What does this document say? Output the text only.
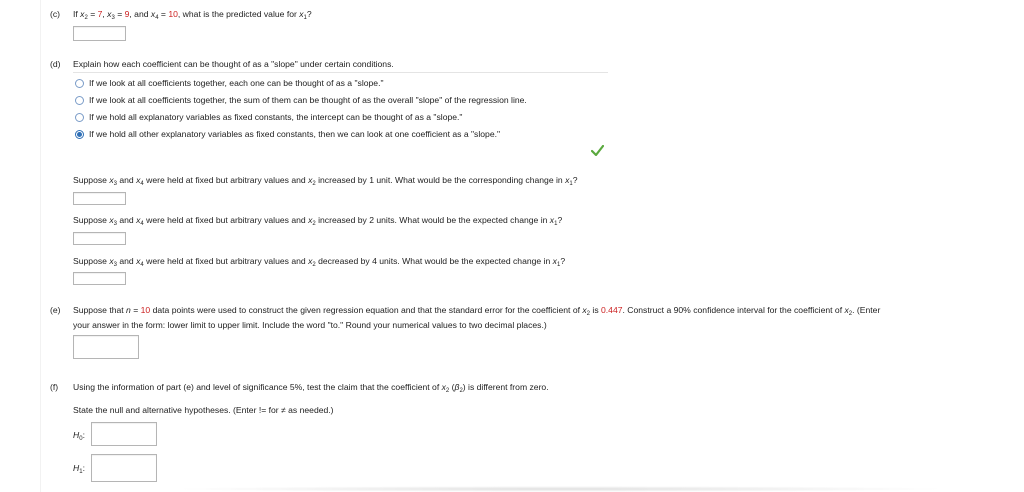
(c) If $x_2 = 7$, $x_3 = 9$, and $x_4 = 10$, what is the predicted value for $x_1$?
(d) Explain how each coefficient can be thought of as a "slope" under certain conditions.
If we look at all coefficients together, each one can be thought of as a "slope."
If we look at all coefficients together, the sum of them can be thought of as the overall "slope" of the regression line.
If we hold all explanatory variables as fixed constants, the intercept can be thought of as a "slope."
If we hold all other explanatory variables as fixed constants, then we can look at one coefficient as a "slope."
Suppose $x_3$ and $x_4$ were held at fixed but arbitrary values and $x_2$ increased by 1 unit. What would be the corresponding change in $x_1$?
Suppose $x_3$ and $x_4$ were held at fixed but arbitrary values and $x_2$ increased by 2 units. What would be the expected change in $x_1$?
Suppose $x_3$ and $x_4$ were held at fixed but arbitrary values and $x_2$ decreased by 4 units. What would be the expected change in $x_1$?
(e) Suppose that n = 10 data points were used to construct the given regression equation and that the standard error for the coefficient of $x_2$ is 0.447. Construct a 90% confidence interval for the coefficient of $x_2$. (Enter
your answer in the form: lower limit to upper limit. Include the word "to." Round your numerical values to two decimal places.)
(f) Using the information of part (e) and level of significance 5%, test the claim that the coefficient of $x_2$ $(\beta_2)$ is different from zero.
State the null and alternative hypotheses. (Enter != for ≠ as needed.)
$H_0$:
$H_1$:
